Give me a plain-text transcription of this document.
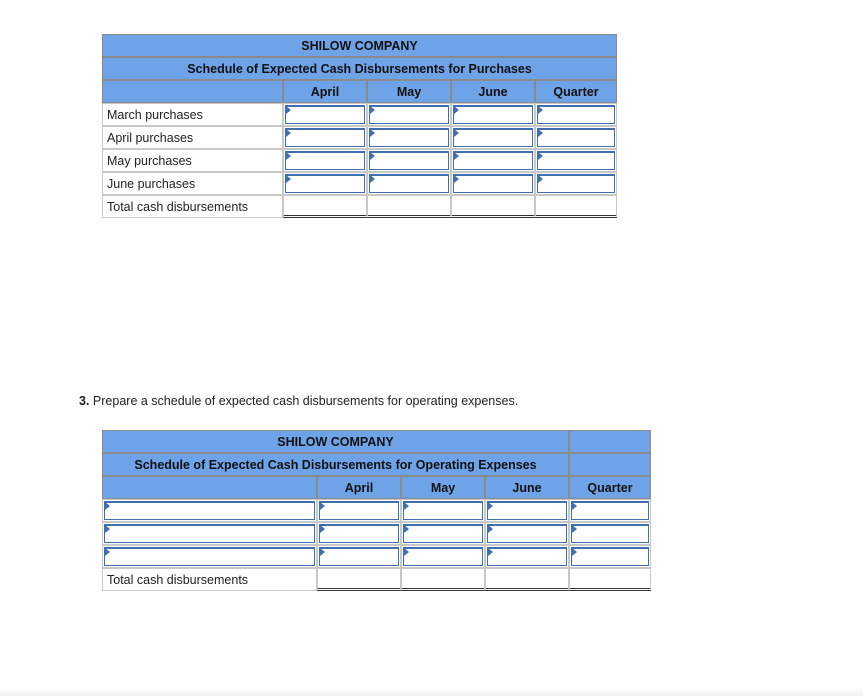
SHILOW COMPANY
Schedule of Expected Cash Disbursements for Purchases
April	May	June	Quarter
March purchases
April purchases
May purchases
June purchases
Total cash disbursements
3. Prepare a schedule of expected cash disbursements for operating expenses.
SHILOW COMPANY
Schedule of Expected Cash Disbursements for Operating Expenses
April	May	June	Quarter
Total cash disbursements
